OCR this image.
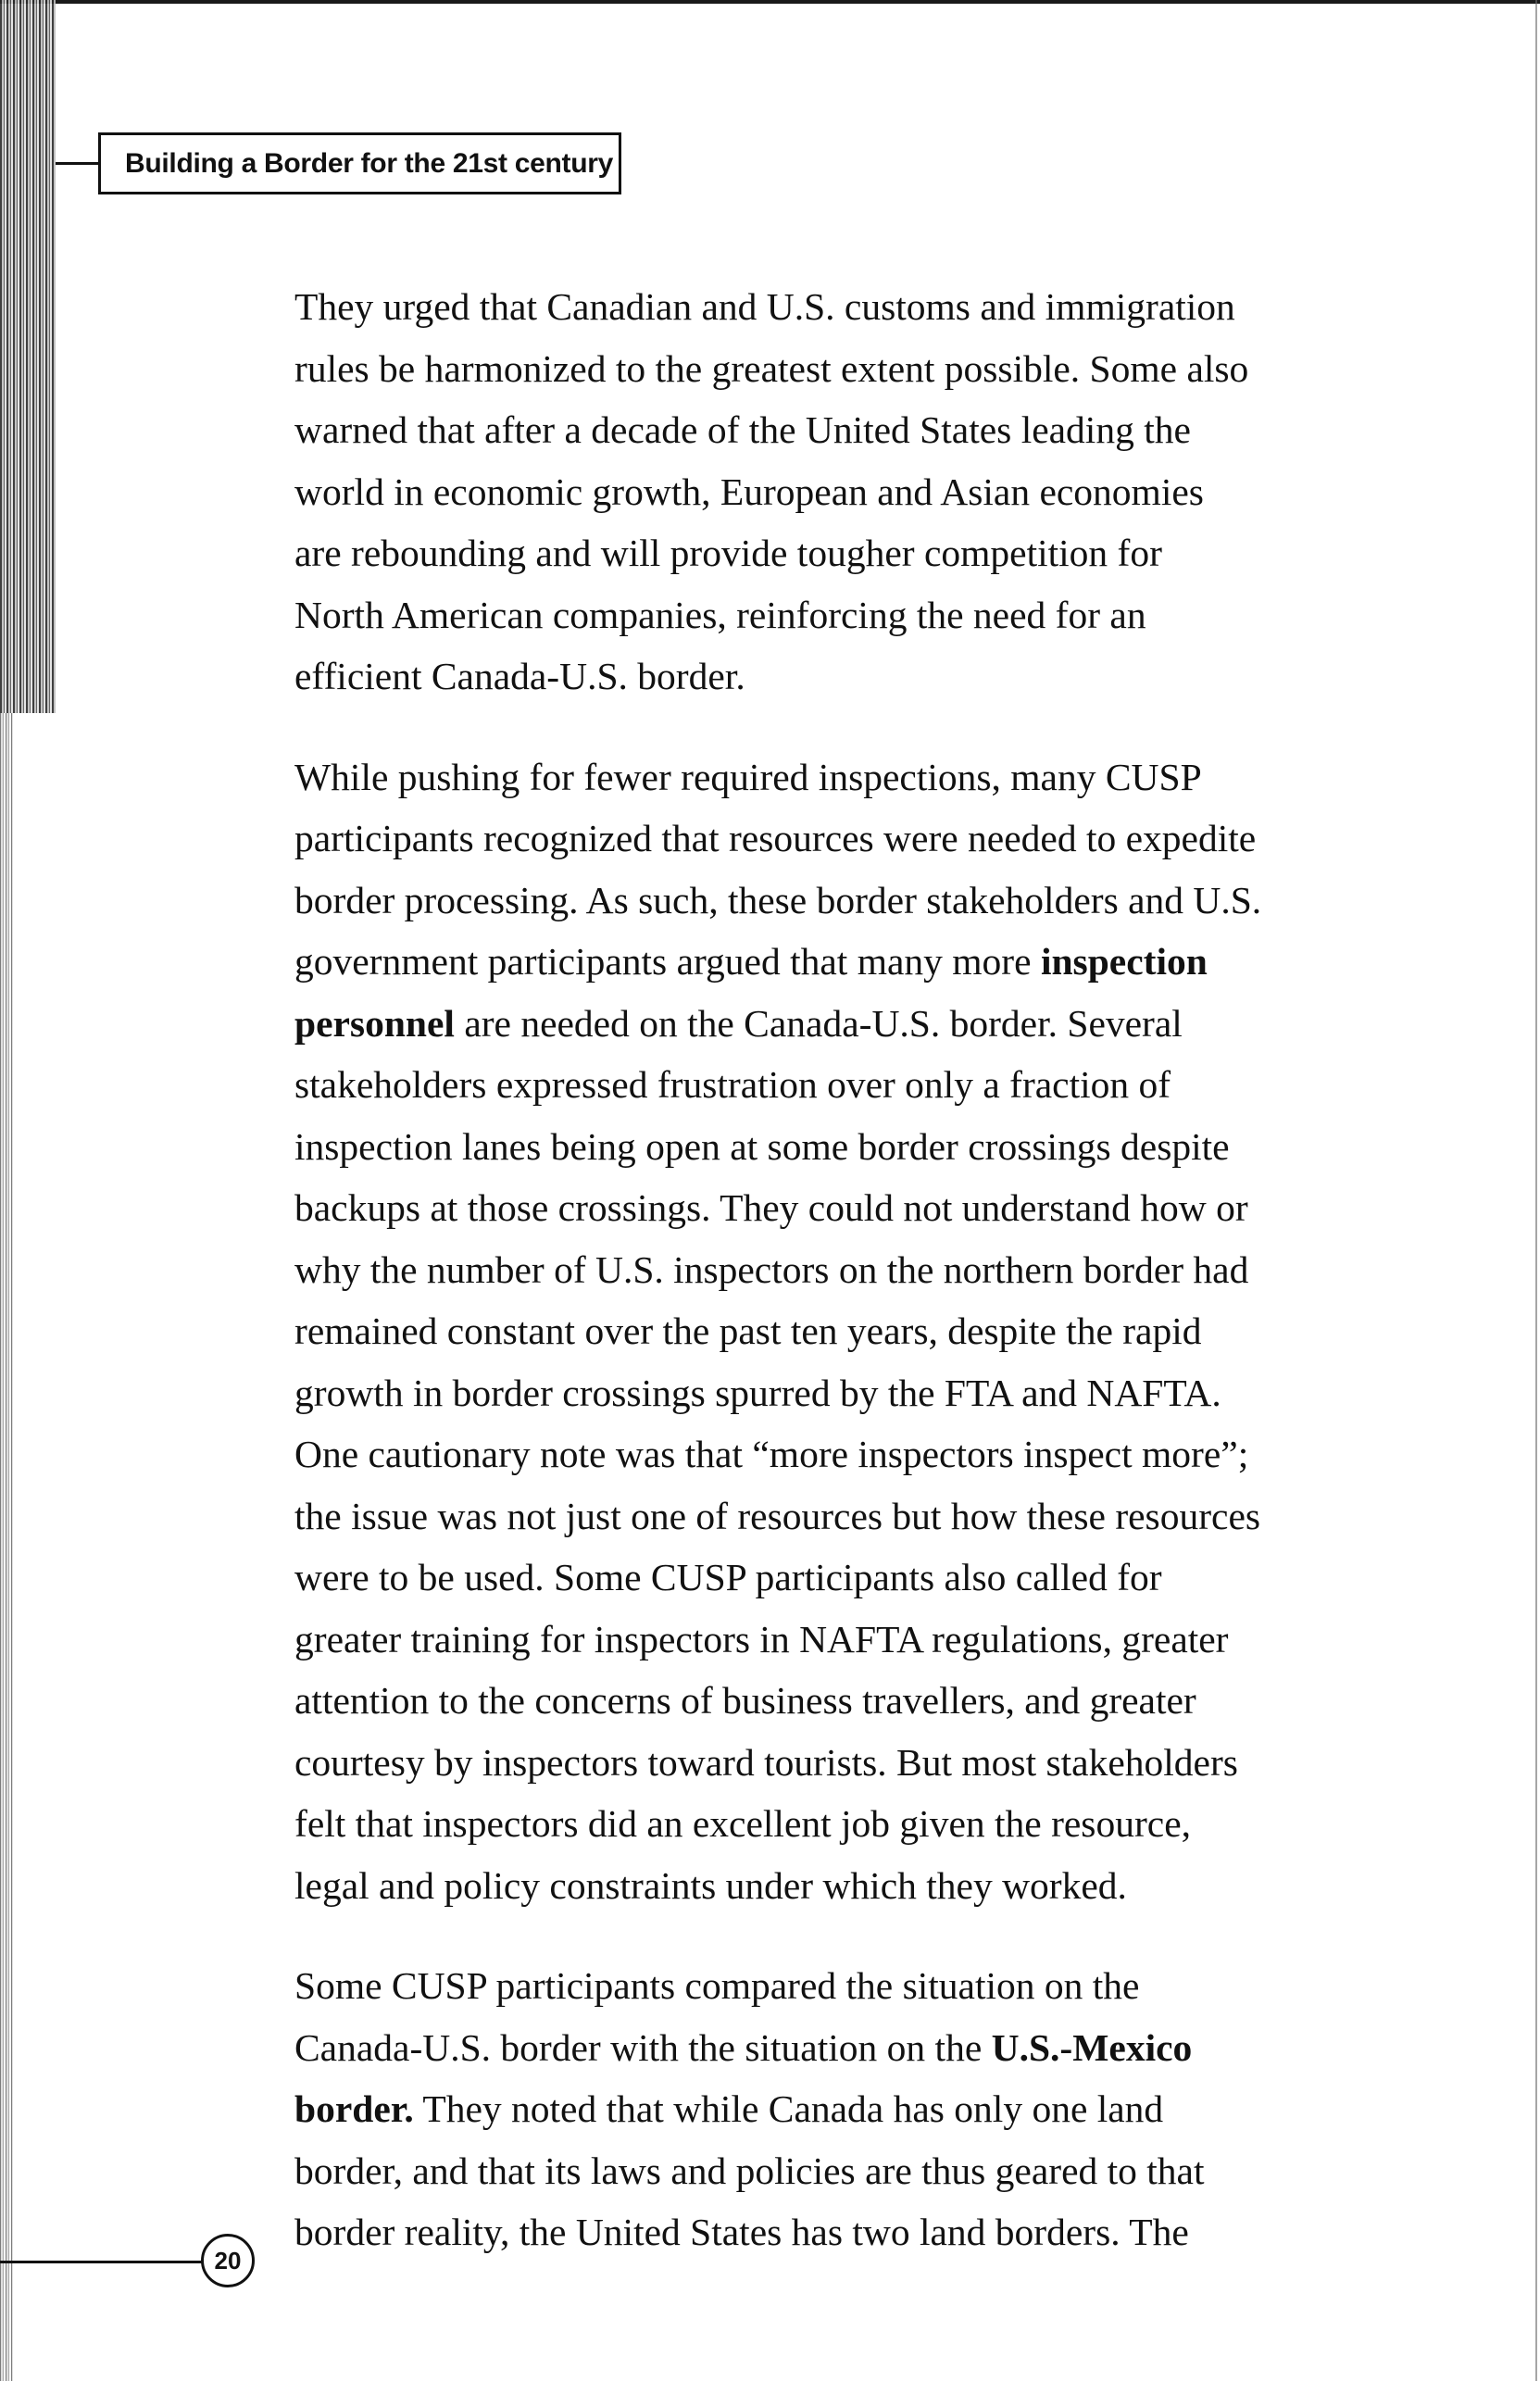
Building a Border for the 21st century

They urged that Canadian and U.S. customs and immigration
rules be harmonized to the greatest extent possible. Some also
warned that after a decade of the United States leading the
world in economic growth, European and Asian economies
are rebounding and will provide tougher competition for
North American companies, reinforcing the need for an
efficient Canada-U.S. border.

While pushing for fewer required inspections, many CUSP
participants recognized that resources were needed to expedite
border processing. As such, these border stakeholders and U.S.
government participants argued that many more inspection
personnel are needed on the Canada-U.S. border. Several
stakeholders expressed frustration over only a fraction of
inspection lanes being open at some border crossings despite
backups at those crossings. They could not understand how or
why the number of U.S. inspectors on the northern border had
remained constant over the past ten years, despite the rapid
growth in border crossings spurred by the FTA and NAFTA.
One cautionary note was that “more inspectors inspect more”;
the issue was not just one of resources but how these resources
were to be used. Some CUSP participants also called for
greater training for inspectors in NAFTA regulations, greater
attention to the concerns of business travellers, and greater
courtesy by inspectors toward tourists. But most stakeholders
felt that inspectors did an excellent job given the resource,
legal and policy constraints under which they worked.

Some CUSP participants compared the situation on the
Canada-U.S. border with the situation on the U.S.-Mexico
border. They noted that while Canada has only one land
border, and that its laws and policies are thus geared to that
border reality, the United States has two land borders. The

20
